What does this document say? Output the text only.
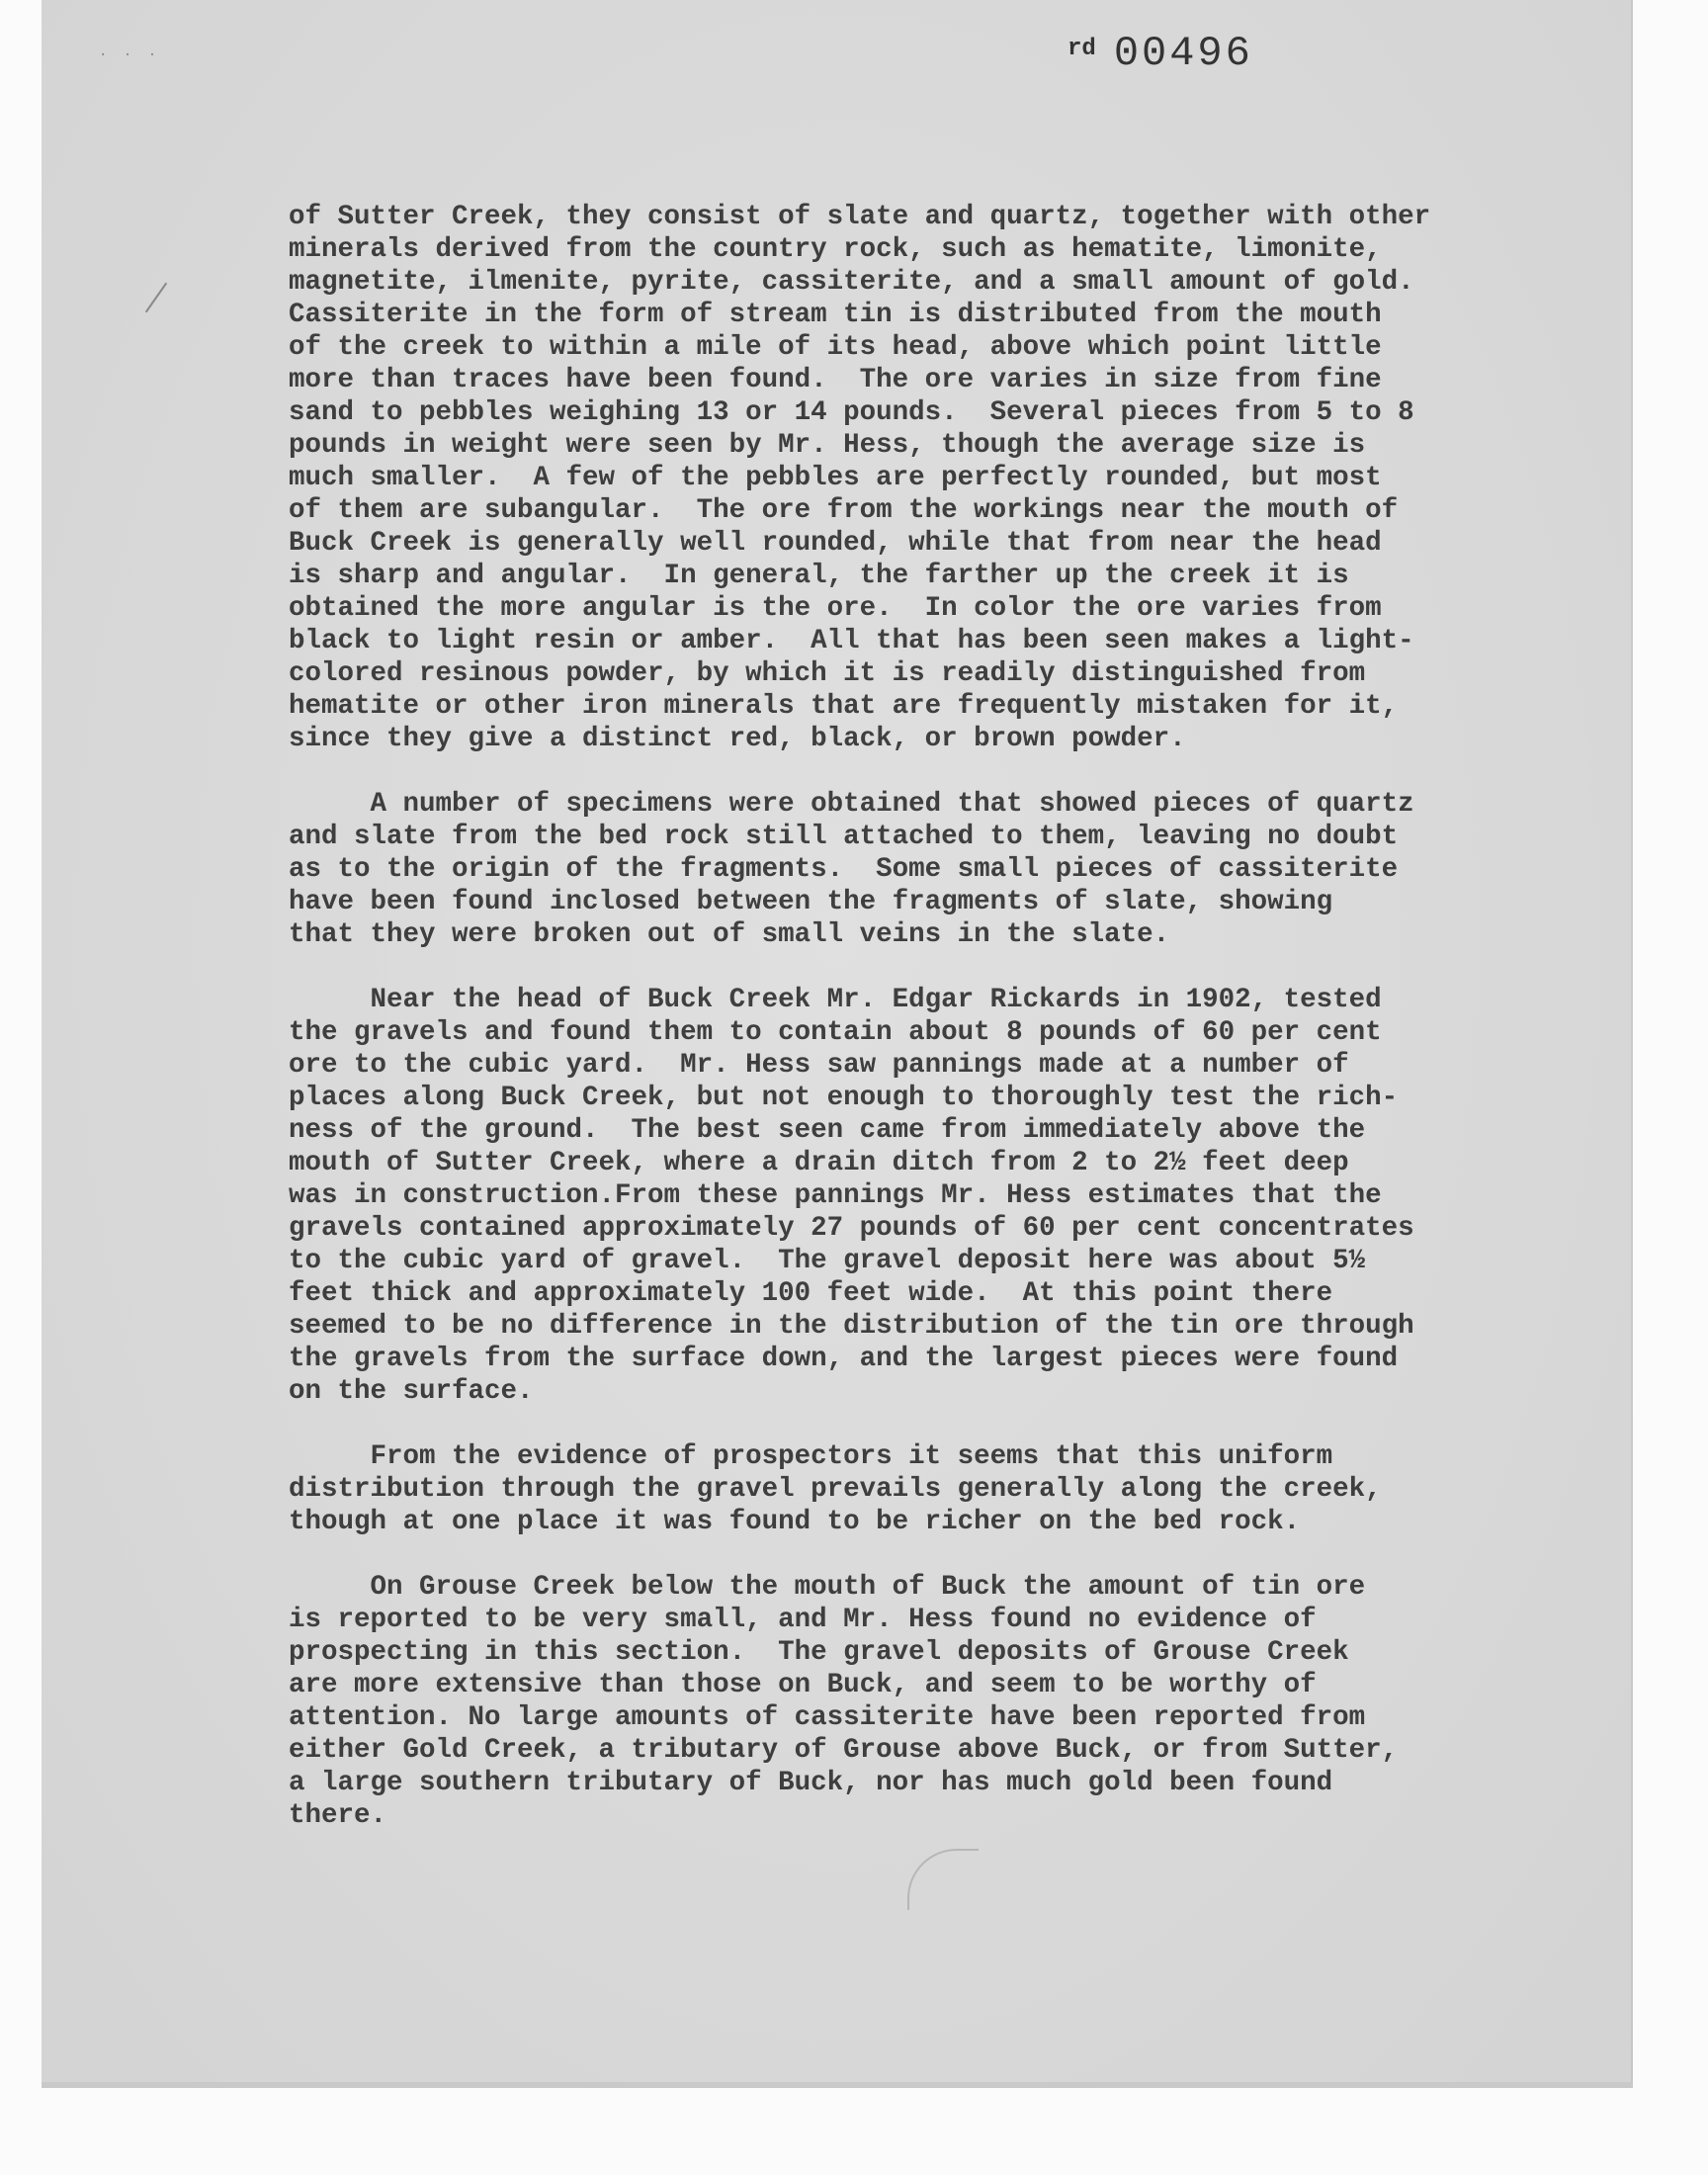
· · ·	rd 00496
of Sutter Creek, they consist of slate and quartz, together with other
minerals derived from the country rock, such as hematite, limonite,
magnetite, ilmenite, pyrite, cassiterite, and a small amount of gold.
Cassiterite in the form of stream tin is distributed from the mouth
of the creek to within a mile of its head, above which point little
more than traces have been found.  The ore varies in size from fine
sand to pebbles weighing 13 or 14 pounds.  Several pieces from 5 to 8
pounds in weight were seen by Mr. Hess, though the average size is
much smaller.  A few of the pebbles are perfectly rounded, but most
of them are subangular.  The ore from the workings near the mouth of
Buck Creek is generally well rounded, while that from near the head
is sharp and angular.  In general, the farther up the creek it is
obtained the more angular is the ore.  In color the ore varies from
black to light resin or amber.  All that has been seen makes a light-
colored resinous powder, by which it is readily distinguished from
hematite or other iron minerals that are frequently mistaken for it,
since they give a distinct red, black, or brown powder.
A number of specimens were obtained that showed pieces of quartz
and slate from the bed rock still attached to them, leaving no doubt
as to the origin of the fragments.  Some small pieces of cassiterite
have been found inclosed between the fragments of slate, showing
that they were broken out of small veins in the slate.
Near the head of Buck Creek Mr. Edgar Rickards in 1902, tested
the gravels and found them to contain about 8 pounds of 60 per cent
ore to the cubic yard.  Mr. Hess saw pannings made at a number of
places along Buck Creek, but not enough to thoroughly test the rich-
ness of the ground.  The best seen came from immediately above the
mouth of Sutter Creek, where a drain ditch from 2 to 2½ feet deep
was in construction.From these pannings Mr. Hess estimates that the
gravels contained approximately 27 pounds of 60 per cent concentrates
to the cubic yard of gravel.  The gravel deposit here was about 5½
feet thick and approximately 100 feet wide.  At this point there
seemed to be no difference in the distribution of the tin ore through
the gravels from the surface down, and the largest pieces were found
on the surface.
From the evidence of prospectors it seems that this uniform
distribution through the gravel prevails generally along the creek,
though at one place it was found to be richer on the bed rock.
On Grouse Creek below the mouth of Buck the amount of tin ore
is reported to be very small, and Mr. Hess found no evidence of
prospecting in this section.  The gravel deposits of Grouse Creek
are more extensive than those on Buck, and seem to be worthy of
attention. No large amounts of cassiterite have been reported from
either Gold Creek, a tributary of Grouse above Buck, or from Sutter,
a large southern tributary of Buck, nor has much gold been found
there.
